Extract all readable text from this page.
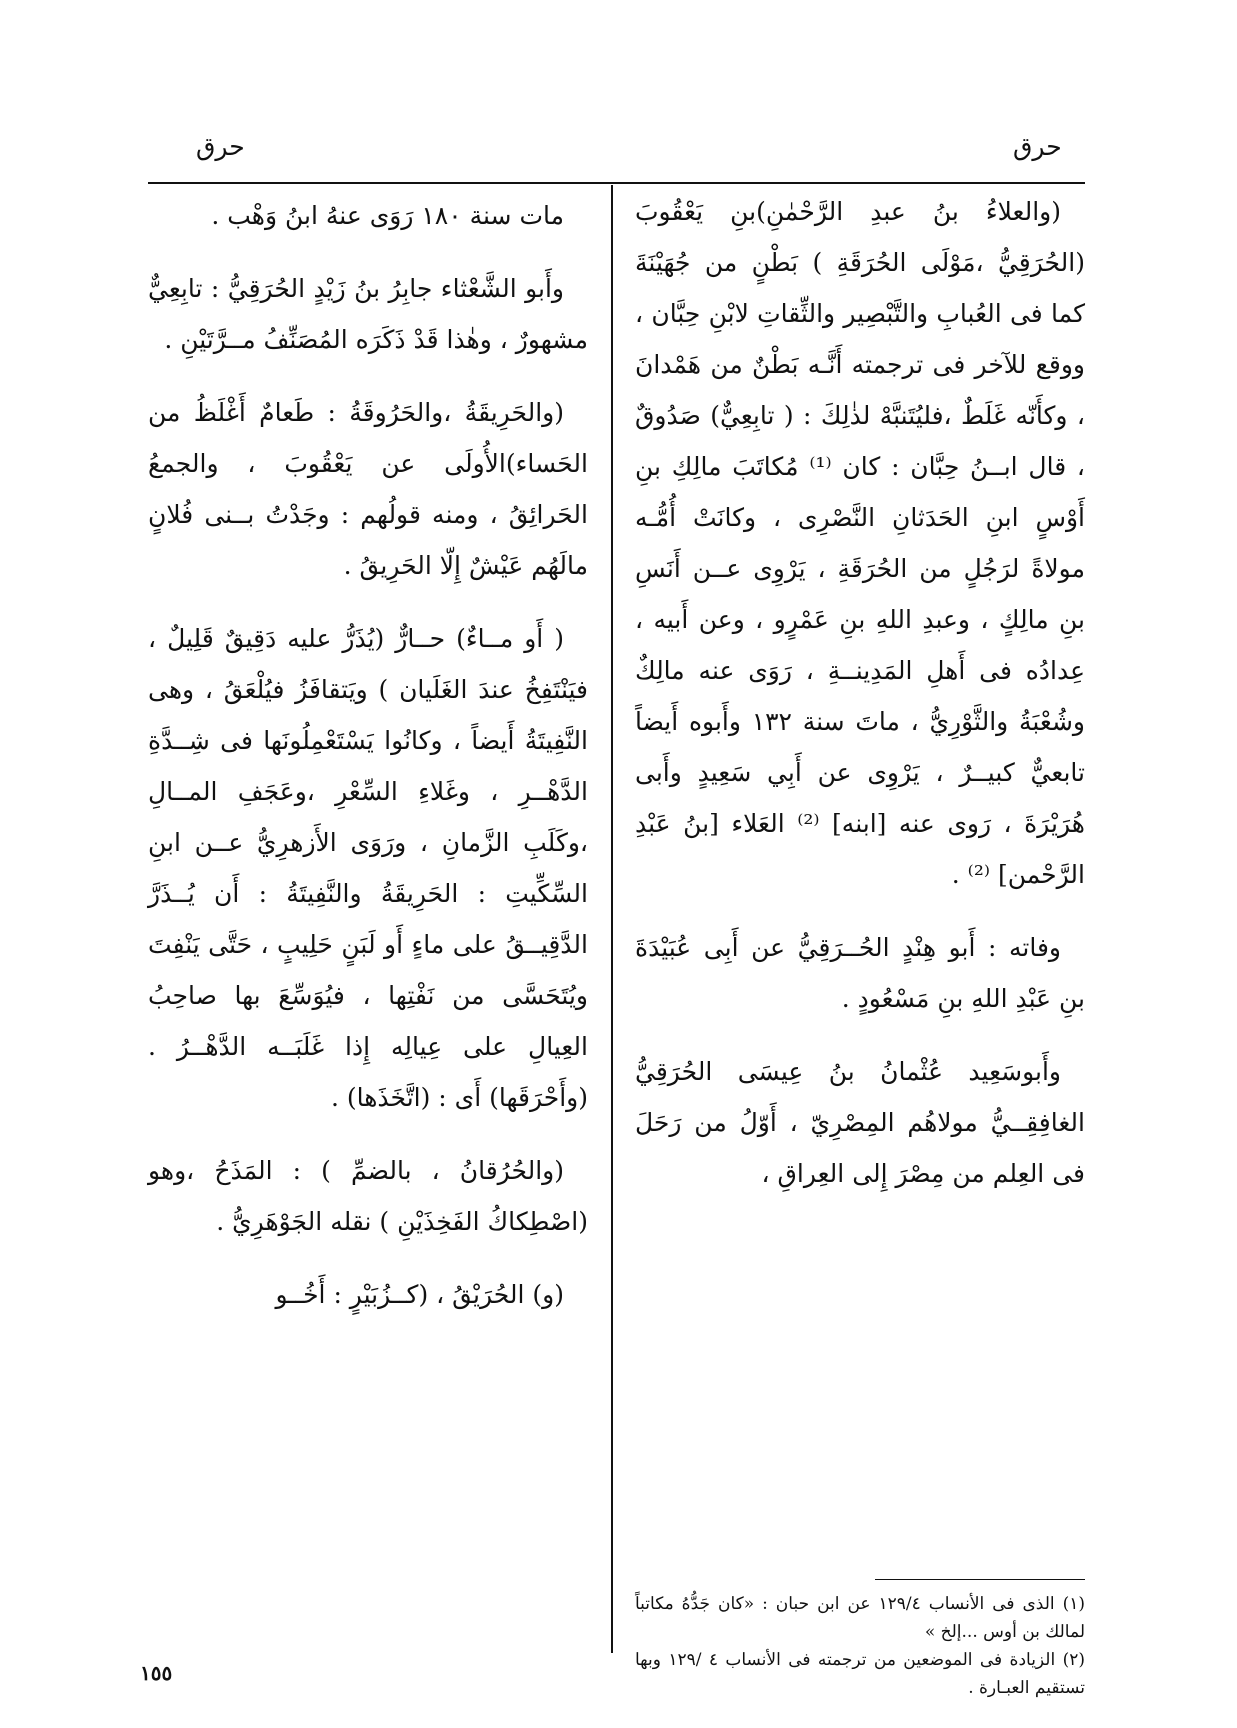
حرق
حرق

(والعلاءُ بنُ عبدِ الرَّحْمٰنِ)بنِ يَعْقُوبَ (الحُرَقِيُّ ،مَوْلَى الحُرَقَةِ ) بَطْنٍ من جُهَيْنَةَ كما فى العُبابِ والتَّبْصِير والثِّقاتِ لابْنِ حِبَّان ، ووقع للآخر فى ترجمته أَنَّـه بَطْنٌ من هَمْدانَ ، وكأَنّه غَلَطٌ ،فليُتَنبَّهْ لذٰلِكَ : ( تابِعِيٌّ) صَدُوقٌ ، قال ابــنُ حِبَّان : كان ⁽¹⁾ مُكاتَبَ مالِكِ بنِ أَوْسٍ ابنِ الحَدَثانِ النَّصْرِى ، وكانَتْ أُمُّـه مولاةً لرَجُلٍ من الحُرَقَةِ ، يَرْوِى عــن أَنَسِ بنِ مالِكٍ ، وعبدِ اللهِ بنِ عَمْرٍو ، وعن أَبيه ، عِدادُه فى أَهلِ المَدِينــةِ ، رَوَى عنه مالِكٌ وشُعْبَةُ والثَّوْرِيُّ ، ماتَ سنة ١٣٢ وأَبوه أَيضاً تابعيٌّ كبيــرٌ ، يَرْوِى عن أَبِي سَعِيدٍ وأَبى هُرَيْرَةَ ، رَوى عنه [ابنه] ⁽²⁾ العَلاء [بنُ عَبْدِ الرَّحْمن] ⁽²⁾ .

وفاته : أَبو هِنْدٍ الحُــرَقِيُّ عن أَبِى عُبَيْدَةَ بنِ عَبْدِ اللهِ بنِ مَسْعُودٍ .

وأَبوسَعِيد عُثْمانُ بنُ عِيسَى الحُرَقِيُّ الغافِقِــيُّ مولاهُم المِصْرِيّ ، أَوّلُ من رَحَلَ فى العِلم من مِصْرَ إِلى العِراقِ ،

مات سنة ١٨٠ رَوَى عنهُ ابنُ وَهْب .

وأَبو الشَّعْثاء جابِرُ بنُ زَيْدٍ الحُرَقِيُّ : تابِعِيٌّ مشهورٌ ، وهٰذا قَدْ ذَكَرَه المُصَنِّفُ مــرَّتَيْنِ .

(والحَرِيقَةُ ،والحَرُوقَةُ : طَعامٌ أَغْلَظُ من الحَساء)الأُولَى عن يَعْقُوبَ ، والجمعُ الحَرائِقُ ، ومنه قولُهم : وجَدْتُ بــنى فُلانٍ مالَهُم عَيْشٌ إِلّا الحَرِيقُ .

( أَو مــاءٌ) حــارٌّ (يُذَرُّ عليه دَقِيقٌ قَلِيلٌ ، فيَنْتَفِخُ عندَ الغَلَيان ) ويَتقافَزُ فيُلْعَقُ ، وهى النَّفِيتَةُ أَيضاً ، وكانُوا يَسْتَعْمِلُونَها فى شِــدَّةِ الدَّهْــرِ ، وغَلاءِ السِّعْرِ ،وعَجَفِ المــالِ ،وكَلَبِ الزَّمانِ ، ورَوَى الأَزهرِيُّ عــن ابنِ السِّكِّيتِ : الحَرِيقَةُ والنَّفِيتَةُ : أَن يُــذَرَّ الدَّقِيــقُ على ماءٍ أَو لَبَنٍ حَلِيبٍ ، حَتَّى يَنْفِتَ ويُتَحَسَّى من نَفْتِها ، فيُوَسِّعَ بها صاحِبُ العِيالِ على عِيالِه إِذا غَلَبَــه الدَّهْــرُ . (وأَحْرَقَها) أَى : (اتَّخَذَها) .

(والحُرُقانُ ، بالضمِّ ) : المَذَحُ ،وهو (اصْطِكاكُ الفَخِذَيْنِ ) نقله الجَوْهَرِيُّ .

(و) الحُرَيْقُ ، (كــزُبَيْرٍ : أَخُــو

(١) الذى فى الأنساب ١٢٩/٤ عن ابن حبان : «كان جَدُّهُ مكاتباً لمالك بن أوس ...إلخ »

(٢) الزيادة فى الموضعين من ترجمته فى الأنساب ٤ /١٢٩ وبها تستقيم العبـارة .

١٥٥
